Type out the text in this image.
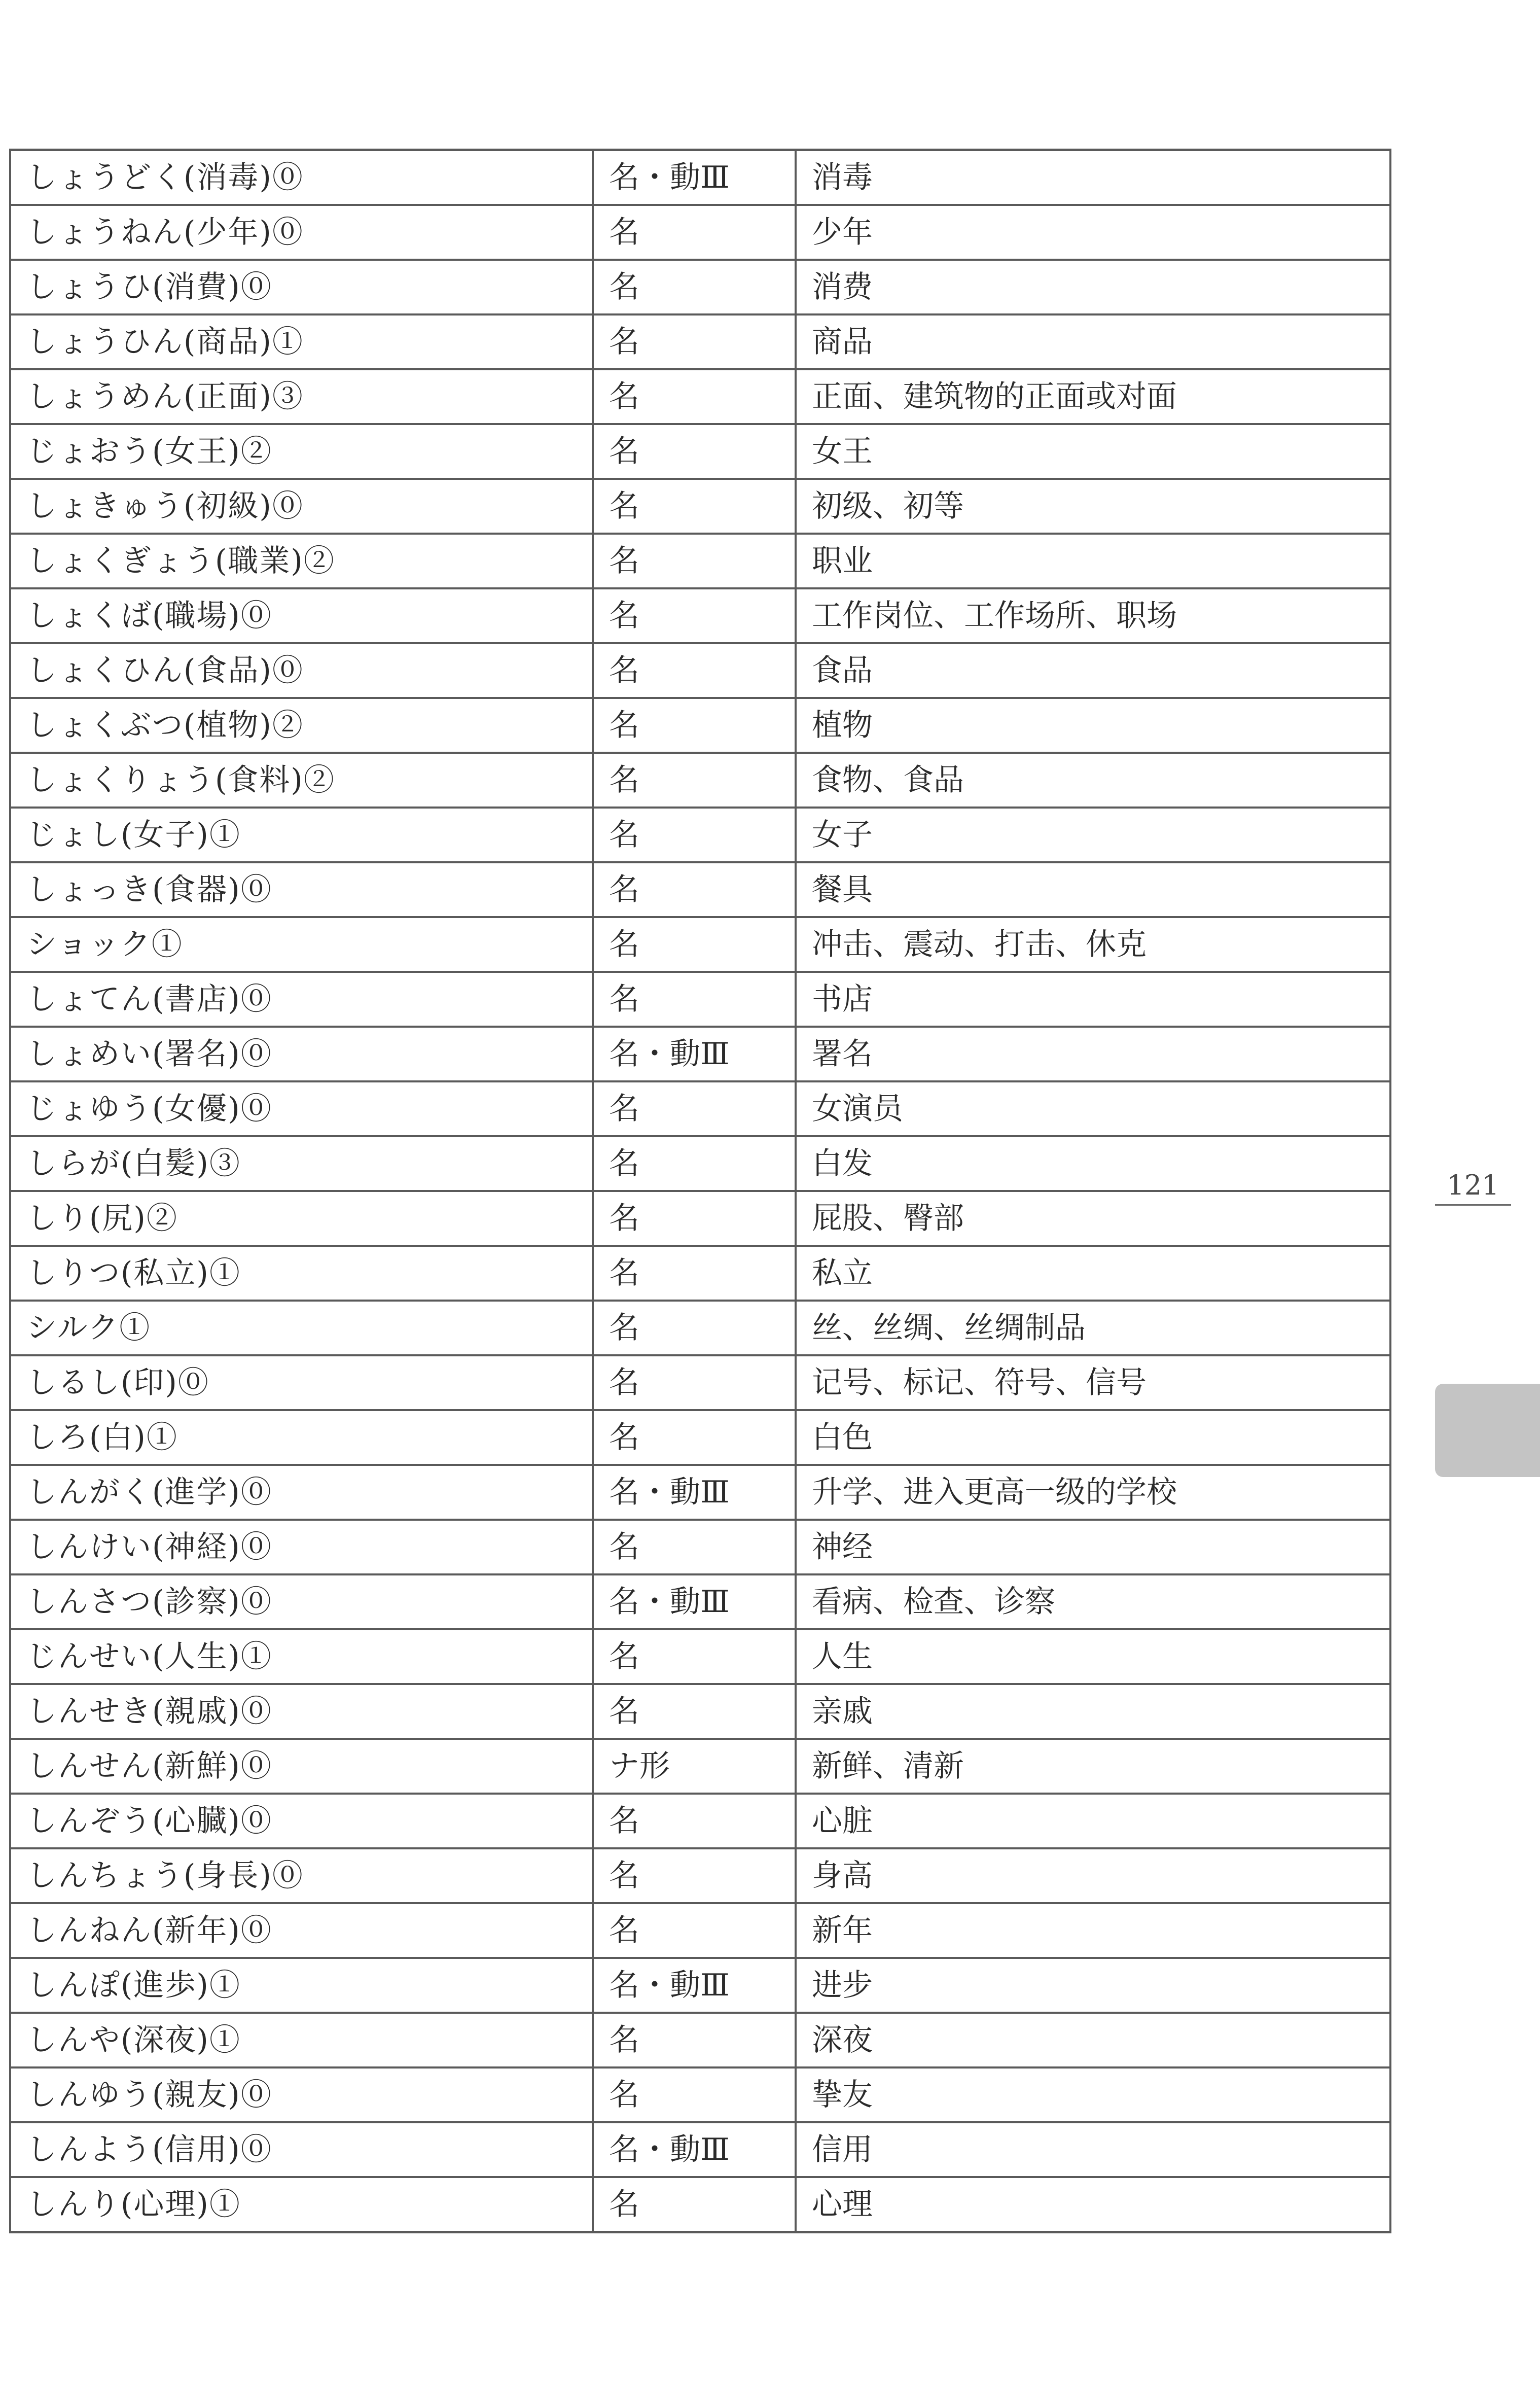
しょうどく(消毒)⓪	名・動Ⅲ	消毒
しょうねん(少年)⓪	名	少年
しょうひ(消費)⓪	名	消费
しょうひん(商品)①	名	商品
しょうめん(正面)③	名	正面、建筑物的正面或对面
じょおう(女王)②	名	女王
しょきゅう(初級)⓪	名	初级、初等
しょくぎょう(職業)②	名	职业
しょくば(職場)⓪	名	工作岗位、工作场所、职场
しょくひん(食品)⓪	名	食品
しょくぶつ(植物)②	名	植物
しょくりょう(食料)②	名	食物、食品
じょし(女子)①	名	女子
しょっき(食器)⓪	名	餐具
ショック①	名	冲击、震动、打击、休克
しょてん(書店)⓪	名	书店
しょめい(署名)⓪	名・動Ⅲ	署名
じょゆう(女優)⓪	名	女演员
しらが(白髪)③	名	白发
しり(尻)②	名	屁股、臀部
しりつ(私立)①	名	私立
シルク①	名	丝、丝绸、丝绸制品
しるし(印)⓪	名	记号、标记、符号、信号
しろ(白)①	名	白色
しんがく(進学)⓪	名・動Ⅲ	升学、进入更高一级的学校
しんけい(神経)⓪	名	神经
しんさつ(診察)⓪	名・動Ⅲ	看病、检查、诊察
じんせい(人生)①	名	人生
しんせき(親戚)⓪	名	亲戚
しんせん(新鮮)⓪	ナ形	新鲜、清新
しんぞう(心臓)⓪	名	心脏
しんちょう(身長)⓪	名	身高
しんねん(新年)⓪	名	新年
しんぽ(進歩)①	名・動Ⅲ	进步
しんや(深夜)①	名	深夜
しんゆう(親友)⓪	名	挚友
しんよう(信用)⓪	名・動Ⅲ	信用
しんり(心理)①	名	心理
121
